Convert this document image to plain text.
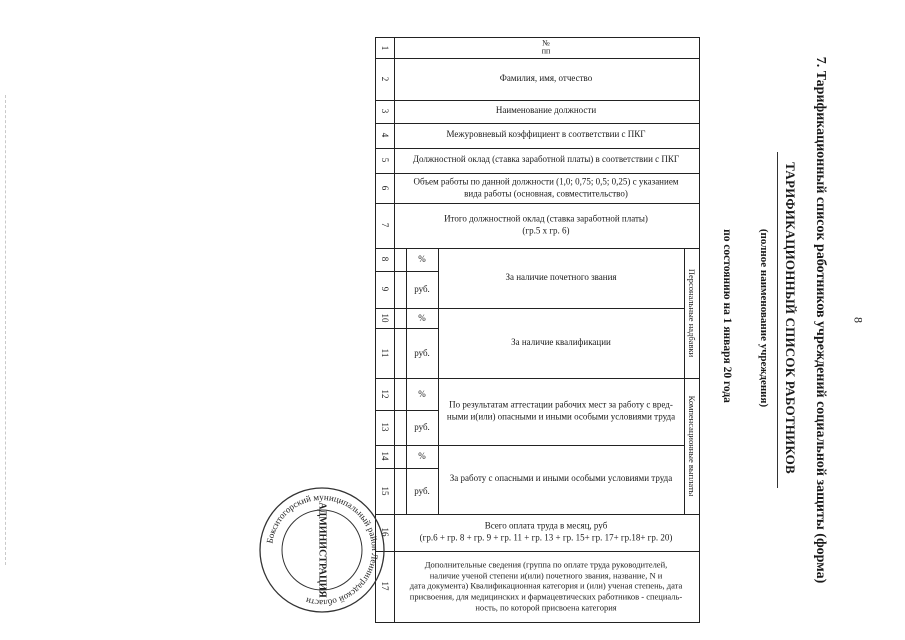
8
7. Тарификационный список работников учреждений социальной защиты (форма)
ТАРИФИКАЦИОННЫЙ СПИСОК РАБОТНИКОВ
(полное наименование учреждения)
по состоянию на 1 января 20 года
1
2
3
4
5
6
7
8
9
10
11
12
13
14
15
16
17
№
пп
Фамилия, имя, отчество
Наименование должности
Межуровневый коэффициент в соответствии с ПКГ
Должностной оклад (ставка заработной платы) в соответствии с ПКГ
Объем работы по данной должности (1,0; 0,75; 0,5; 0,25) с указанием
вида работы (основная, совместительство)
Итого должностной оклад (ставка заработной платы)
(гр.5 х гр. 6)
%
руб.
%
руб.
%
руб.
%
руб.
За наличие почетного звания
За наличие квалификации
По результатам аттестации рабочих мест за работу с вред-
ными и(или) опасными и иными особыми условиями труда
За работу с опасными и иными особыми условиями труда
Персональные надбавки
Компенсационные выплаты
Всего оплата труда в месяц, руб
(гр.6 + гр. 8 + гр. 9 + гр. 11 + гр. 13 + гр. 15+ гр. 17+ гр.18+ гр. 20)
Дополнительные сведения (группа по оплате труда руководителей,
наличие ученой степени и(или) почетного звания, название, N и
дата документа) Квалификационная категория и (или) ученая степень, дата
присвоения, для медицинских и фармацевтических работников - специаль-
ность, по которой присвоена категория
Бокситогорский муниципальный район Ленинградской области
АДМИНИСТРАЦИЯ
